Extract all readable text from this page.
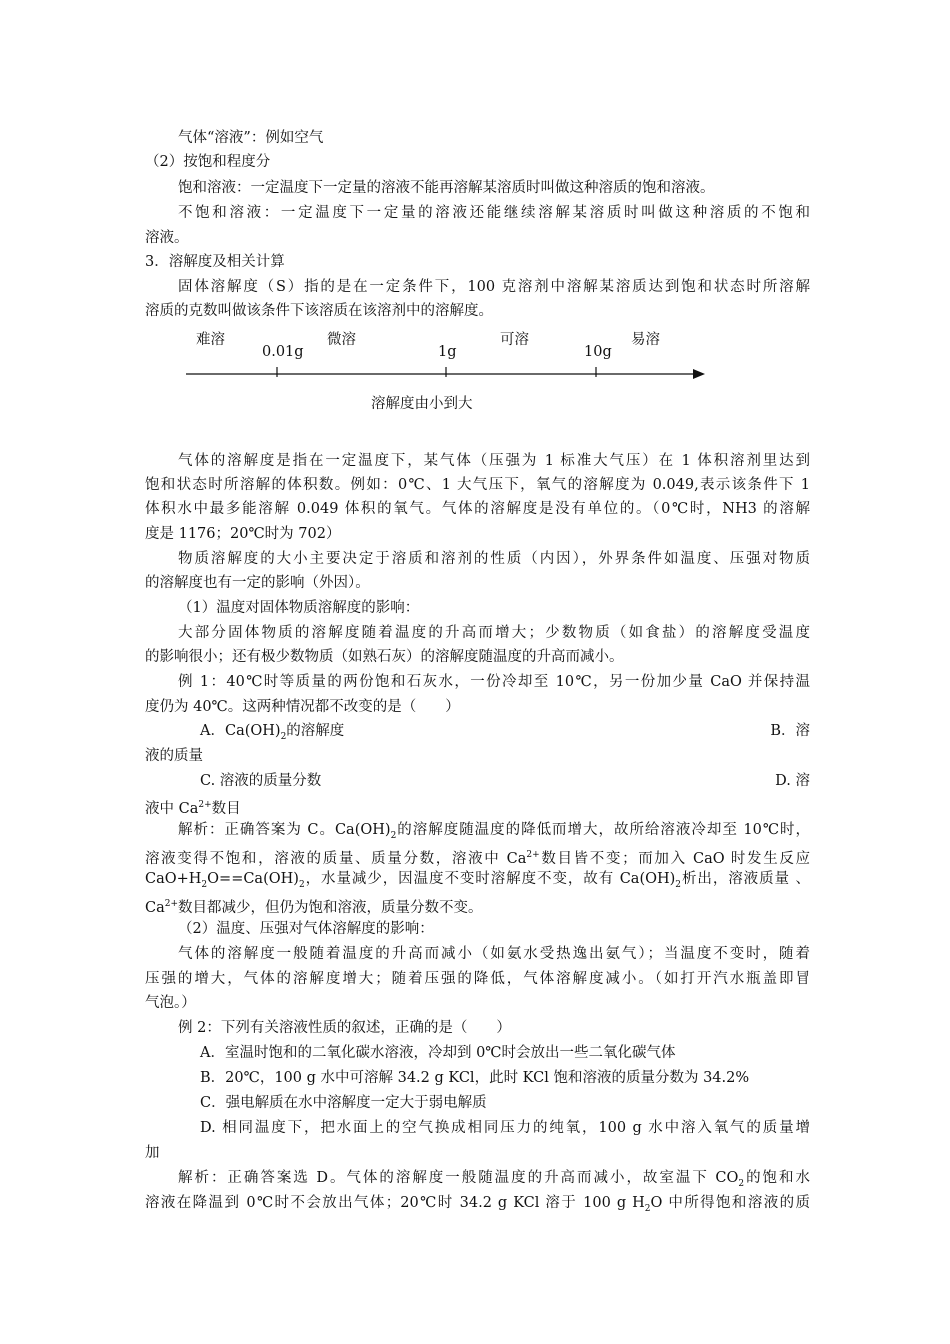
气体“溶液”：例如空气
（2）按饱和程度分
饱和溶液：一定温度下一定量的溶液不能再溶解某溶质时叫做这种溶质的饱和溶液。
不饱和溶液：一定温度下一定量的溶液还能继续溶解某溶质时叫做这种溶质的不饱和
溶液。
3．溶解度及相关计算
固体溶解度（S）指的是在一定条件下，100 克溶剂中溶解某溶质达到饱和状态时所溶解
溶质的克数叫做该条件下该溶质在该溶剂中的溶解度。
难溶	微溶	可溶	易溶
0.01g	1g	10g
溶解度由小到大
气体的溶解度是指在一定温度下，某气体（压强为 1 标准大气压）在 1 体积溶剂里达到
饱和状态时所溶解的体积数。例如：0℃、1 大气压下，氧气的溶解度为 0.049,表示该条件下 1
体积水中最多能溶解 0.049 体积的氧气。气体的溶解度是没有单位的。（0℃时，NH3 的溶解
度是 1176；20℃时为 702）
物质溶解度的大小主要决定于溶质和溶剂的性质（内因），外界条件如温度、压强对物质
的溶解度也有一定的影响（外因）。
（1）温度对固体物质溶解度的影响：
大部分固体物质的溶解度随着温度的升高而增大；少数物质（如食盐）的溶解度受温度
的影响很小；还有极少数物质（如熟石灰）的溶解度随温度的升高而减小。
例 1：40℃时等质量的两份饱和石灰水，一份冷却至 10℃，另一份加少量 CaO 并保持温
度仍为 40℃。这两种情况都不改变的是（　　）
A．$Ca(OH)_2$的溶解度	B．溶
液的质量
C. 溶液的质量分数	D. 溶
液中 $Ca^{2+}$数目
解析：正确答案为 C。$Ca(OH)_2$的溶解度随温度的降低而增大，故所给溶液冷却至 10℃时，
溶液变得不饱和，溶液的质量、质量分数，溶液中 $Ca^{2+}$数目皆不变；而加入 CaO 时发生反应
$CaO+H_2O==Ca(OH)_2$，水量减少，因温度不变时溶解度不变，故有 $Ca(OH)_2$析出，溶液质量 、
$Ca^{2+}$数目都减少，但仍为饱和溶液，质量分数不变。
（2）温度、压强对气体溶解度的影响：
气体的溶解度一般随着温度的升高而减小（如氨水受热逸出氨气）；当温度不变时，随着
压强的增大，气体的溶解度增大；随着压强的降低，气体溶解度减小。（如打开汽水瓶盖即冒
气泡。）
例 2：下列有关溶液性质的叙述，正确的是（　　）
A．室温时饱和的二氧化碳水溶液，冷却到 0℃时会放出一些二氧化碳气体
B．20℃，100 g 水中可溶解 34.2 g KCl，此时 KCl 饱和溶液的质量分数为 34.2%
C．强电解质在水中溶解度一定大于弱电解质
D. 相同温度下，把水面上的空气换成相同压力的纯氧，100 g 水中溶入氧气的质量增
加
解析：正确答案选 D。气体的溶解度一般随温度的升高而减小，故室温下 $CO_2$的饱和水
溶液在降温到 0℃时不会放出气体；20℃时 34.2 g KCl 溶于 100 g $H_2O$ 中所得饱和溶液的质
